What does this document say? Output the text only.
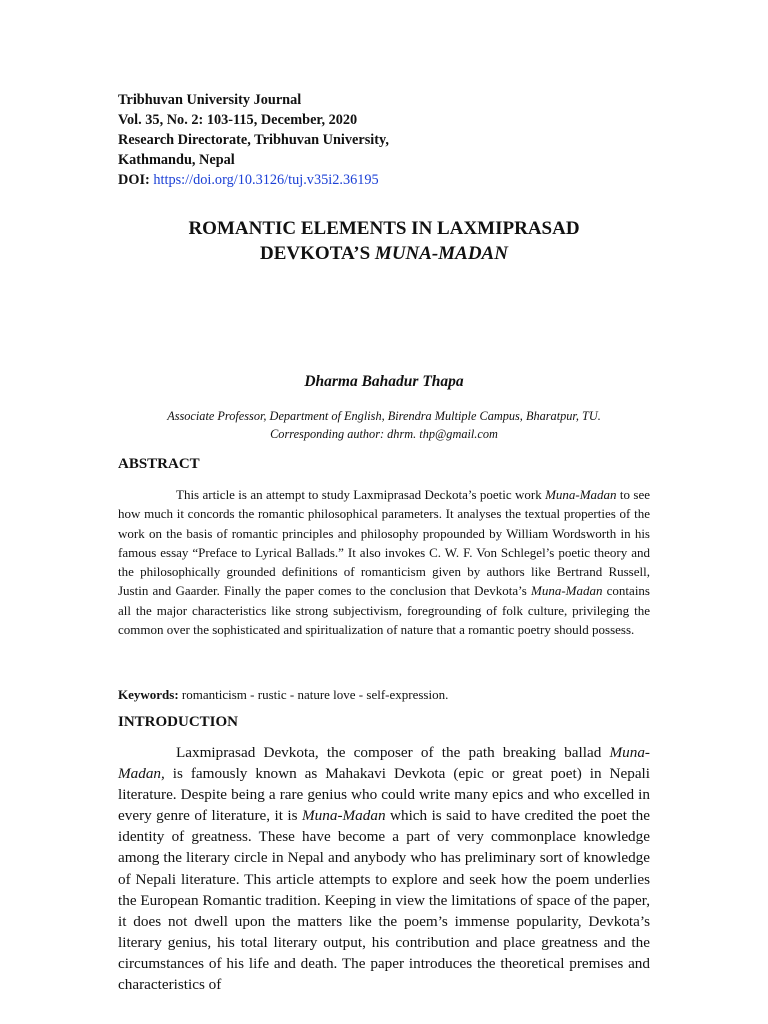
Tribhuvan University Journal
Vol. 35, No. 2: 103-115, December, 2020
Research Directorate, Tribhuvan University,
Kathmandu, Nepal
DOI: https://doi.org/10.3126/tuj.v35i2.36195
ROMANTIC ELEMENTS IN LAXMIPRASAD
DEVKOTA’S MUNA-MADAN
Dharma Bahadur Thapa
Associate Professor, Department of English, Birendra Multiple Campus, Bharatpur, TU.
Corresponding author: dhrm. thp@gmail.com
ABSTRACT

This article is an attempt to study Laxmiprasad Deckota’s poetic work Muna-Madan to see how much it concords the romantic philosophical parameters. It analyses the textual properties of the work on the basis of romantic principles and philosophy propounded by William Wordsworth in his famous essay “Preface to Lyrical Ballads.” It also invokes C. W. F. Von Schlegel’s poetic theory and the philosophically grounded definitions of romanticism given by authors like Bertrand Russell, Justin and Gaarder. Finally the paper comes to the conclusion that Devkota’s Muna-Madan contains all the major characteristics like strong subjectivism, foregrounding of folk culture, privileging the common over the sophisticated and spiritualization of nature that a romantic poetry should possess.

Keywords: romanticism - rustic - nature love - self-expression.
INTRODUCTION

Laxmiprasad Devkota, the composer of the path breaking ballad Muna-Madan, is famously known as Mahakavi Devkota (epic or great poet) in Nepali literature. Despite being a rare genius who could write many epics and who excelled in every genre of literature, it is Muna-Madan which is said to have credited the poet the identity of greatness. These have become a part of very commonplace knowledge among the literary circle in Nepal and anybody who has preliminary sort of knowledge of Nepali literature. This article attempts to explore and seek how the poem underlies the European Romantic tradition. Keeping in view the limitations of space of the paper, it does not dwell upon the matters like the poem’s immense popularity, Devkota’s literary genius, his total literary output, his contribution and place greatness and the circumstances of his life and death. The paper introduces the theoretical premises and characteristics of
